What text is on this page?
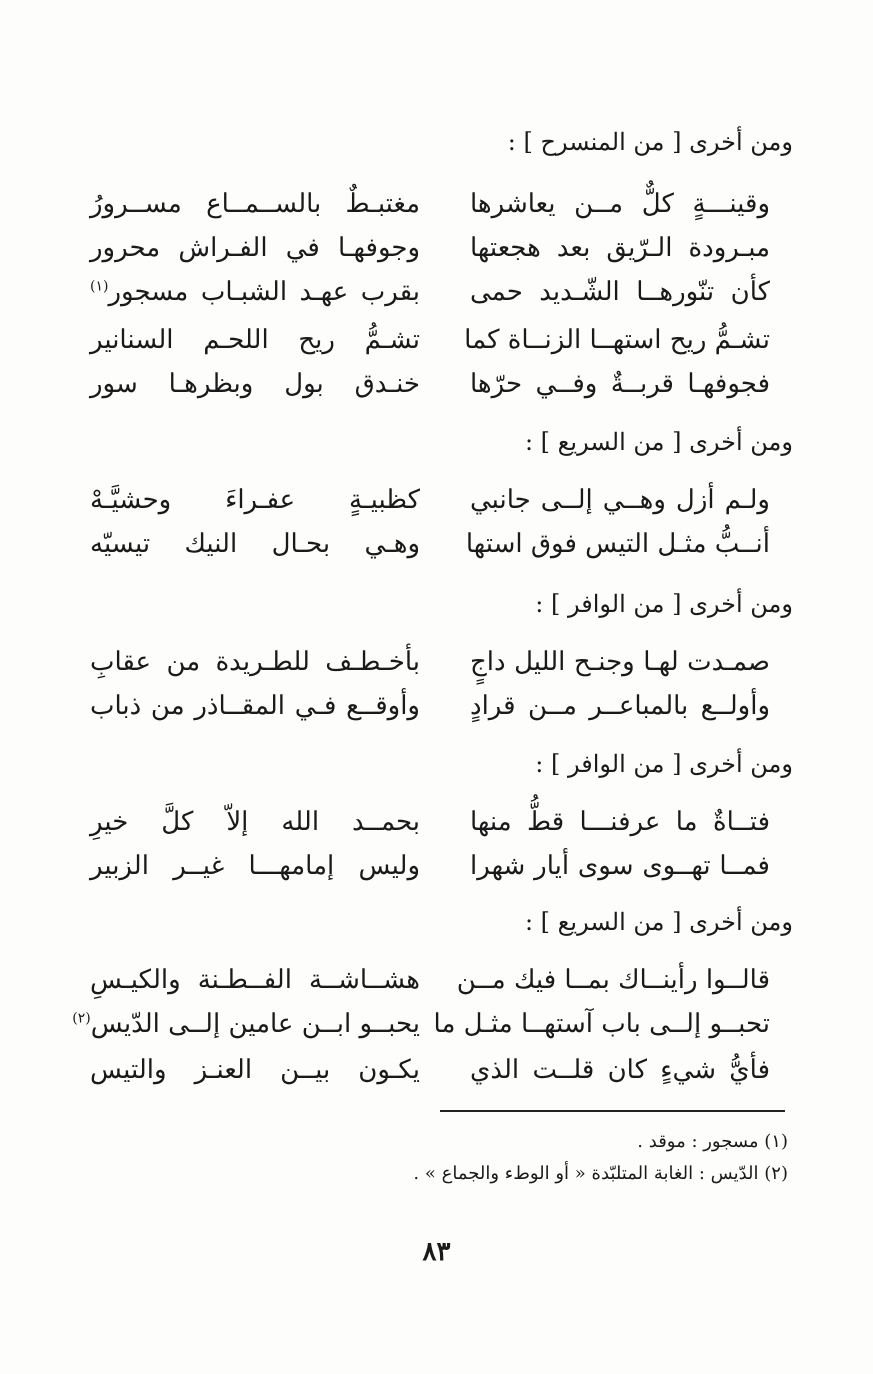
ومن أخرى [ من المنسرح ] :
وقينـــةٍ كلٌّ مــن يعاشرها
مغتبـطٌ بالســمــاع مســرورُ
مبـرودة الـرّيق بعد هجعتها
وجوفهـا في الفـراش محرور
كأن تنّورهــا الشّـديد حمى
بقرب عهـد الشبـاب مسجور$^{(١)}$
تشـمُّ ريح استهــا الزنــاة كما
تشـمُّ ريح اللحـم السنانير
فجوفهـا قربــةٌ وفــي حرّها
خنـدق بول وبظرهـا سور
ومن أخرى [ من السريع ] :
ولـم أزل وهــي إلــى جانبي
كظبيـةٍ عفـراءَ وحشيَّـهْ
أنــبُّ مثـل التيس فوق استها
وهـي بحـال النيك تيسيّه
ومن أخرى [ من الوافر ] :
صمـدت لهـا وجنـح الليل داجٍ
بأخـطـف للطـريدة من عقابِ
وأولــع بالمباعــر مــن قرادٍ
وأوقــع فـي المقــاذر من ذباب
ومن أخرى [ من الوافر ] :
فتــاةٌ ما عرفنـــا قطُّ منها
بحمــد الله إلاّ كلَّ خيرِ
فمــا تهــوى سوى أيار شهرا
وليس إمامهـــا غيــر الزبير
ومن أخرى [ من السريع ] :
قالــوا رأينــاك بمــا فيك مــن
هشــاشــة الفــطـنة والكيـسِ
تحبــو إلــى باب آستهــا مثـل ما
يحبــو ابــن عامين إلــى الدّيس$^{(٢)}$
فأيُّ شيءٍ كان قلــت الذي
يكـون بيــن العنـز والتيس
(١) مسجور : موقد .
(٢) الدّيس : الغابة المتلبّدة « أو الوطء والجماع » .
٨٣
